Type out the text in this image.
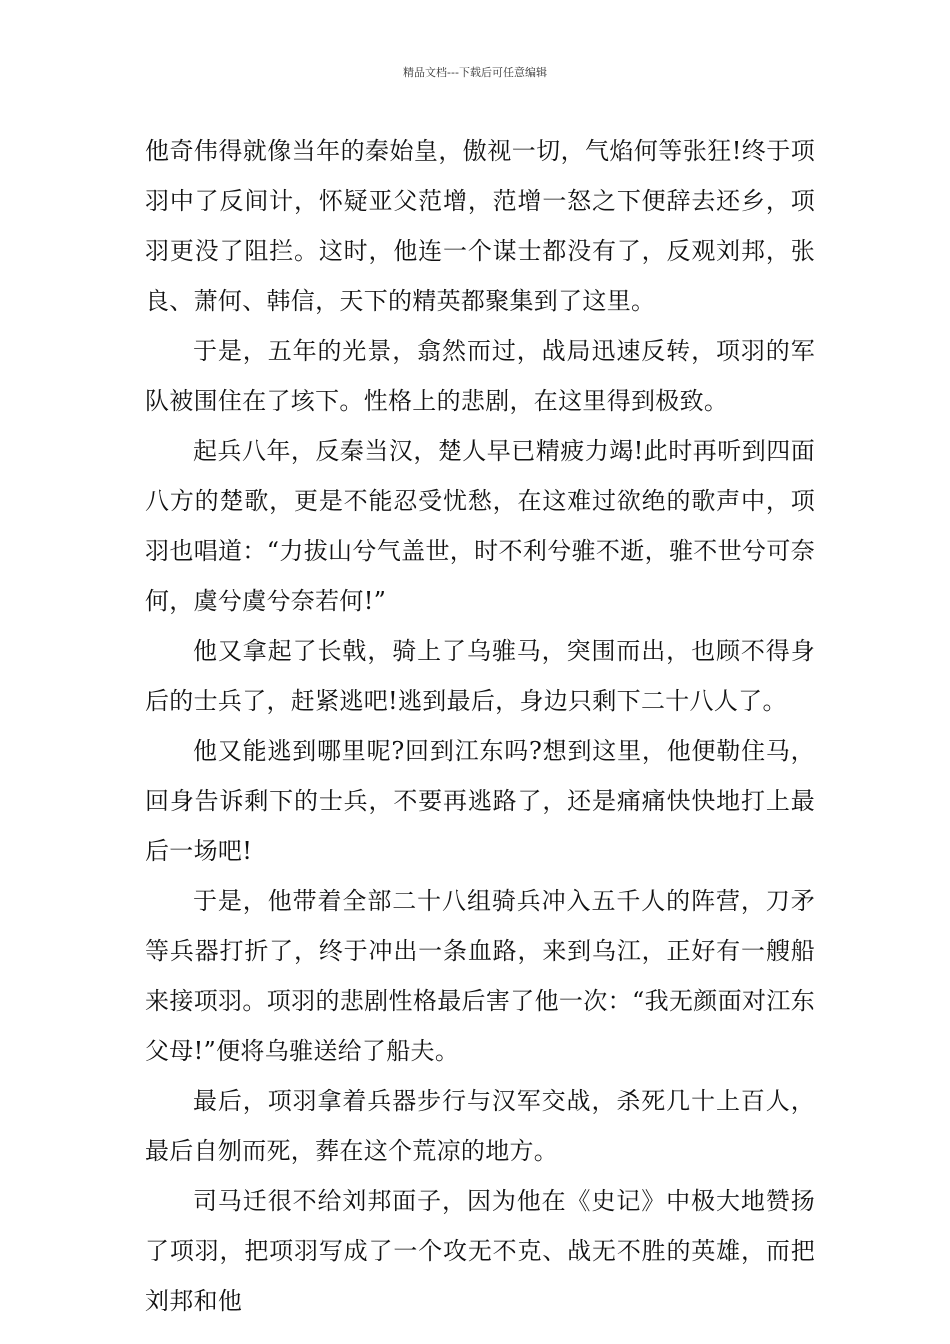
精品文档---下载后可任意编辑

他奇伟得就像当年的秦始皇，傲视一切，气焰何等张狂!终于项羽中了反间计，怀疑亚父范增，范增一怒之下便辞去还乡，项羽更没了阻拦。这时，他连一个谋士都没有了，反观刘邦，张良、萧何、韩信，天下的精英都聚集到了这里。

于是，五年的光景，翕然而过，战局迅速反转，项羽的军队被围住在了垓下。性格上的悲剧，在这里得到极致。

起兵八年，反秦当汉，楚人早已精疲力竭!此时再听到四面八方的楚歌，更是不能忍受忧愁，在这难过欲绝的歌声中，项羽也唱道：“力拔山兮气盖世，时不利兮骓不逝，骓不世兮可奈何，虞兮虞兮奈若何!”

他又拿起了长戟，骑上了乌骓马，突围而出，也顾不得身后的士兵了，赶紧逃吧!逃到最后，身边只剩下二十八人了。

他又能逃到哪里呢?回到江东吗?想到这里，他便勒住马，回身告诉剩下的士兵，不要再逃路了，还是痛痛快快地打上最后一场吧!

于是，他带着全部二十八组骑兵冲入五千人的阵营，刀矛等兵器打折了，终于冲出一条血路，来到乌江，正好有一艘船来接项羽。项羽的悲剧性格最后害了他一次：“我无颜面对江东父母!”便将乌骓送给了船夫。

最后，项羽拿着兵器步行与汉军交战，杀死几十上百人，最后自刎而死，葬在这个荒凉的地方。

司马迁很不给刘邦面子，因为他在《史记》中极大地赞扬了项羽，把项羽写成了一个攻无不克、战无不胜的英雄，而把刘邦和他
